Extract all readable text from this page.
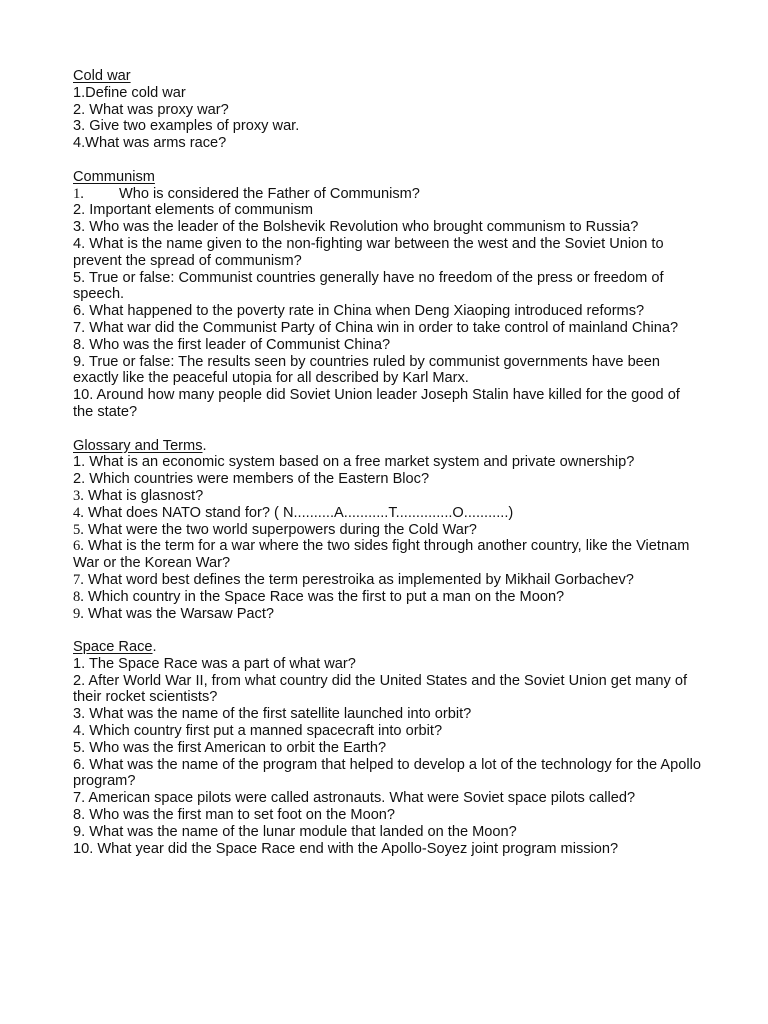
Cold war

1.Define cold war

2. What was proxy war?

3. Give two examples of proxy war.

4.What was arms race?

Communism

1. Who is considered the Father of Communism?

2. Important elements of communism

3. Who was the leader of the Bolshevik Revolution who brought communism to Russia?

4. What is the name given to the non-fighting war between the west and the Soviet Union to prevent the spread of communism?

5. True or false: Communist countries generally have no freedom of the press or freedom of speech.

6. What happened to the poverty rate in China when Deng Xiaoping introduced reforms?

7. What war did the Communist Party of China win in order to take control of mainland China?

8. Who was the first leader of Communist China?

9. True or false: The results seen by countries ruled by communist governments have been exactly like the peaceful utopia for all described by Karl Marx.

10. Around how many people did Soviet Union leader Joseph Stalin have killed for the good of the state?

Glossary and Terms.

1. What is an economic system based on a free market system and private ownership?

2. Which countries were members of the Eastern Bloc?

3. What is glasnost?

4. What does NATO stand for? ( N..........A...........T..............O...........)

5. What were the two world superpowers during the Cold War?

6. What is the term for a war where the two sides fight through another country, like the Vietnam War or the Korean War?

7. What word best defines the term perestroika as implemented by Mikhail Gorbachev?

8. Which country in the Space Race was the first to put a man on the Moon?

9. What was the Warsaw Pact?

Space Race.

1. The Space Race was a part of what war?

2. After World War II, from what country did the United States and the Soviet Union get many of their rocket scientists?

3. What was the name of the first satellite launched into orbit?

4. Which country first put a manned spacecraft into orbit?

5. Who was the first American to orbit the Earth?

6. What was the name of the program that helped to develop a lot of the technology for the Apollo program?

7. American space pilots were called astronauts. What were Soviet space pilots called?

8. Who was the first man to set foot on the Moon?

9. What was the name of the lunar module that landed on the Moon?

10. What year did the Space Race end with the Apollo-Soyez joint program mission?
